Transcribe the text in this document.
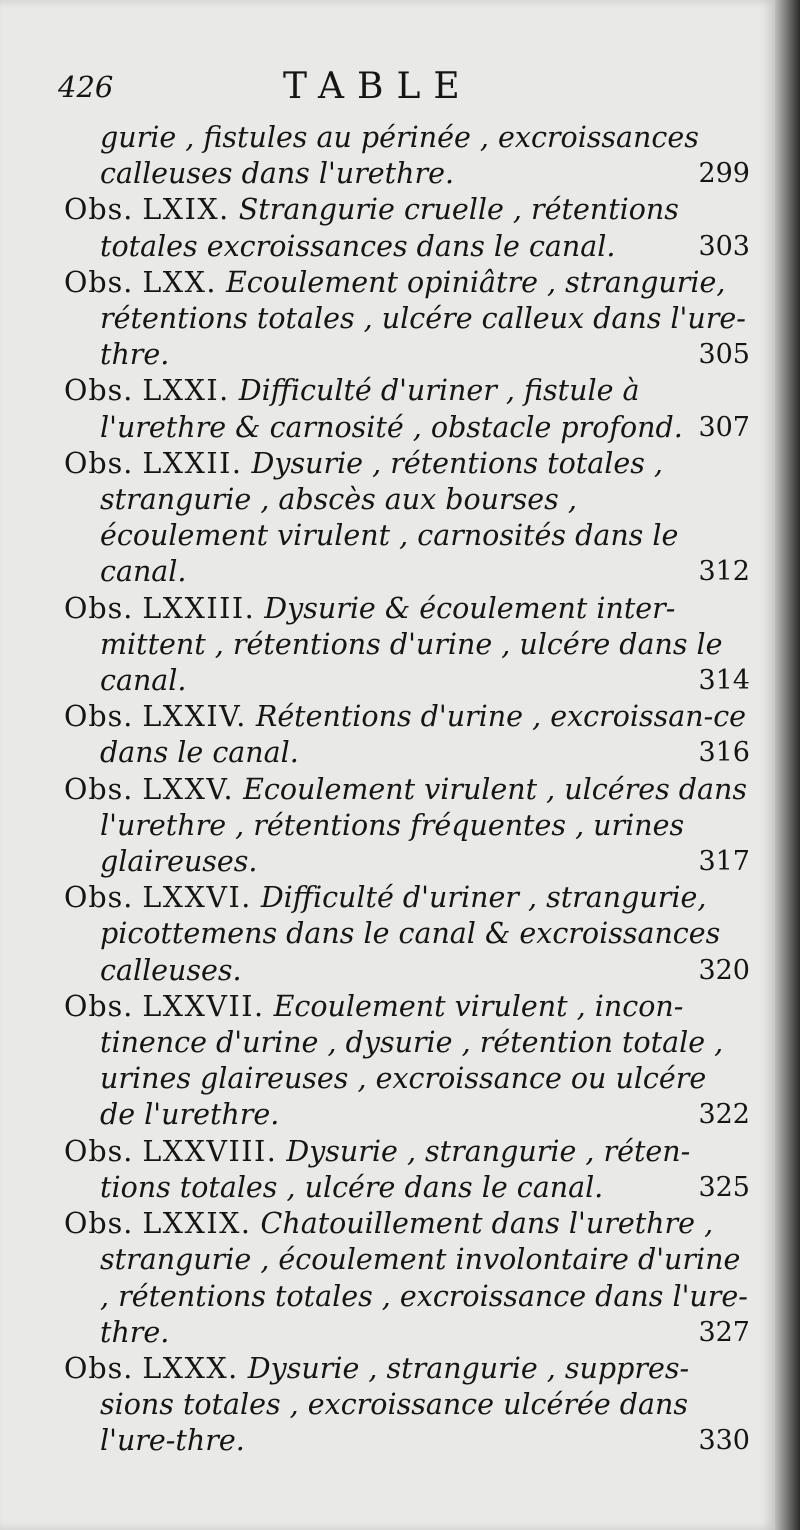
426	TABLE

gurie , fistules au périnée , excroissances calleuses dans l'urethre.	299

Obs. LXIX. Strangurie cruelle , rétentions totales excroissances dans le canal.	303

Obs. LXX. Ecoulement opiniâtre , strangurie, rétentions totales , ulcére calleux dans l'ure-thre.	305

Obs. LXXI. Difficulté d'uriner , fistule à l'urethre & carnosité , obstacle profond. 307

Obs. LXXII. Dysurie , rétentions totales , strangurie , abscès aux bourses , écoulement virulent , carnosités dans le canal.	312

Obs. LXXIII. Dysurie & écoulement inter-mittent , rétentions d'urine , ulcére dans le canal.	314

Obs. LXXIV. Rétentions d'urine , excroissan-ce dans le canal.	316

Obs. LXXV. Ecoulement virulent , ulcéres dans l'urethre , rétentions fréquentes , urines glaireuses.	317

Obs. LXXVI. Difficulté d'uriner , strangurie, picottemens dans le canal & excroissances calleuses.	320

Obs. LXXVII. Ecoulement virulent , incon-tinence d'urine , dysurie , rétention totale , urines glaireuses , excroissance ou ulcére de l'urethre.	322

Obs. LXXVIII. Dysurie , strangurie , réten-tions totales , ulcére dans le canal.	325

Obs. LXXIX. Chatouillement dans l'urethre , strangurie , écoulement involontaire d'urine , rétentions totales , excroissance dans l'ure-thre.	327

Obs. LXXX. Dysurie , strangurie , suppres-sions totales , excroissance ulcérée dans l'ure-thre.	330
